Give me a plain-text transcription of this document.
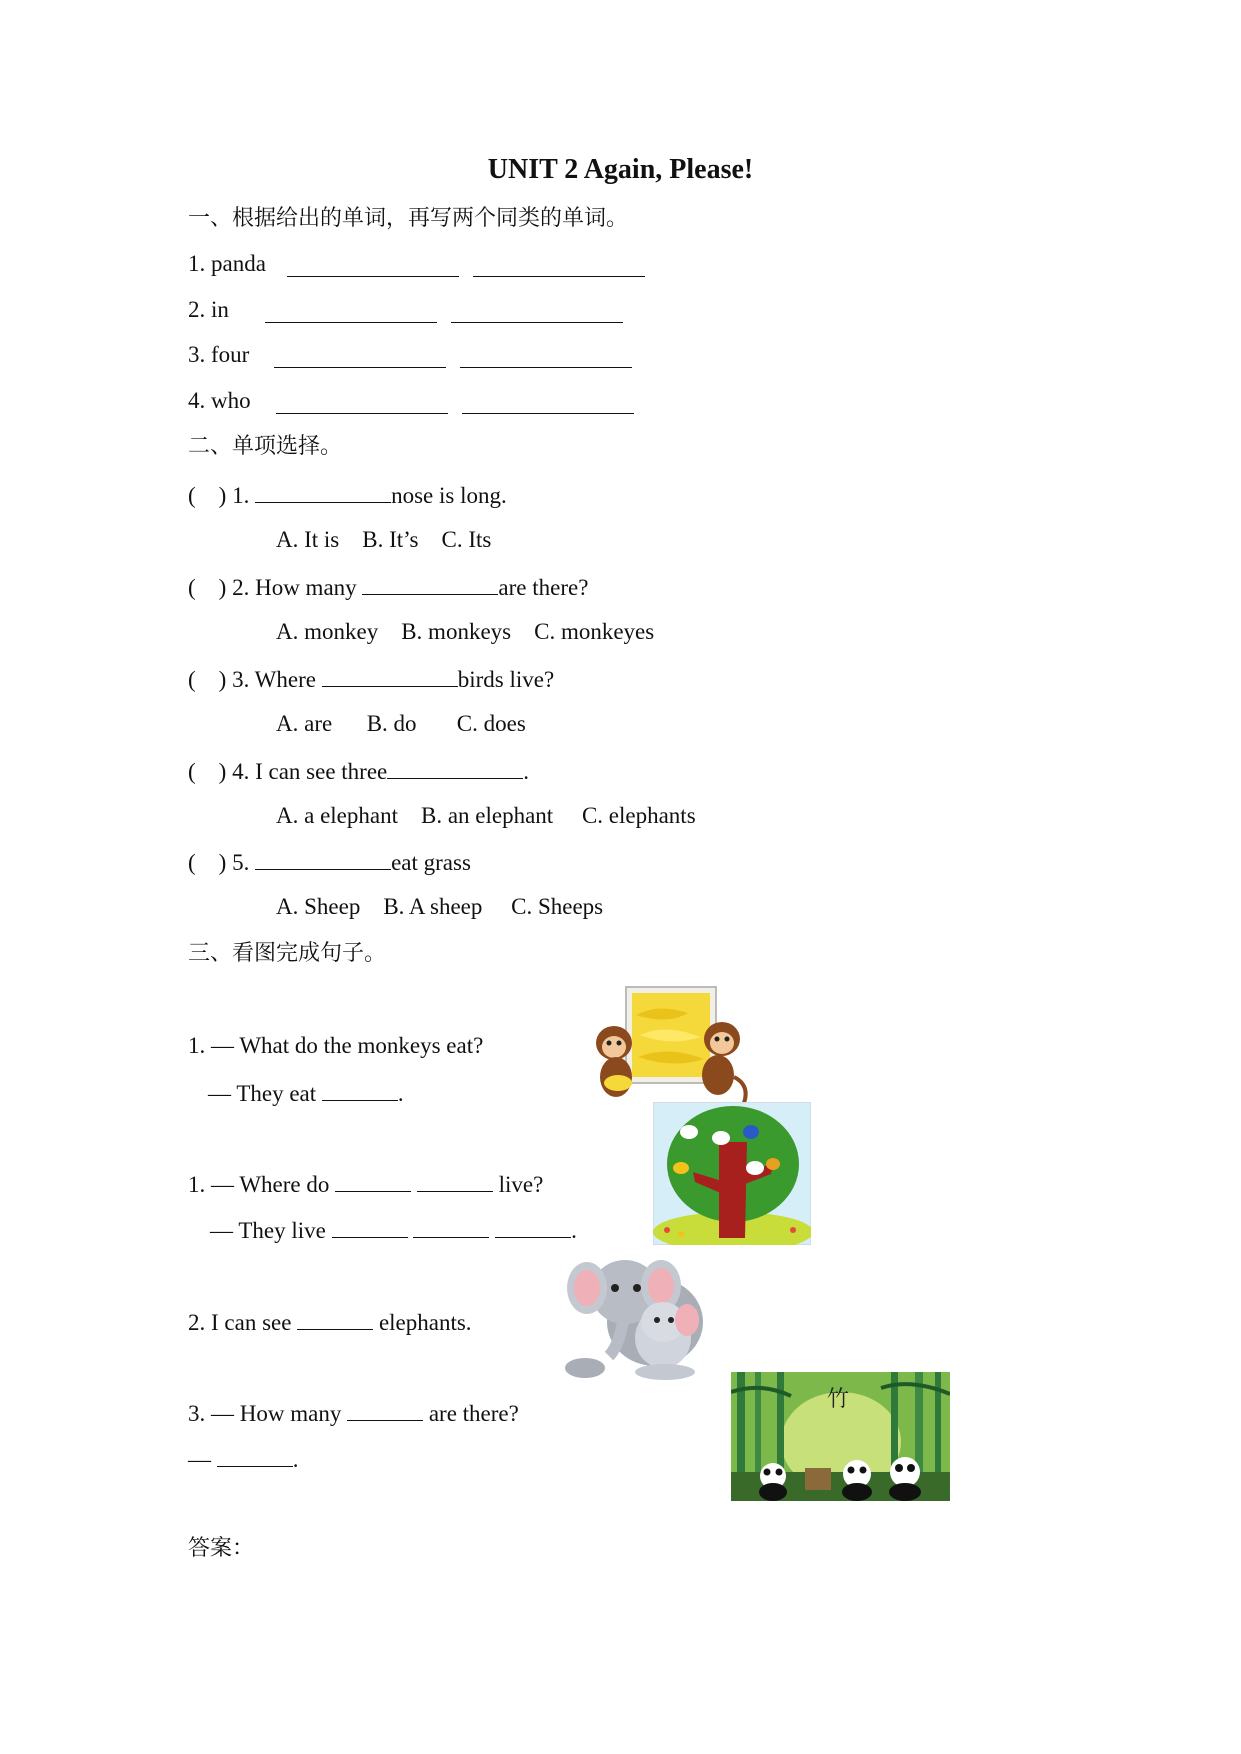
UNIT 2 Again, Please!
一、根据给出的单词，再写两个同类的单词。
1. panda
2. in
3. four
4. who
二、单项选择。
(    ) 1.	nose is long.
A. It is B. It’s C. Its
(    ) 2. How many	are there?
A. monkey B. monkeys C. monkeyes
(    ) 3. Where	birds live?
A. are B. do C. does
(    ) 4. I can see three	.
A. a elephant B. an elephant C. elephants
(    ) 5.	eat grass
A. Sheep B. A sheep C. Sheeps
三、看图完成句子。
1. — What do the monkeys eat?
— They eat	.
1. — Where do	live?
— They live	.
2. I can see	elephants.
3. — How many	are there?
—	.
答案：
竹
